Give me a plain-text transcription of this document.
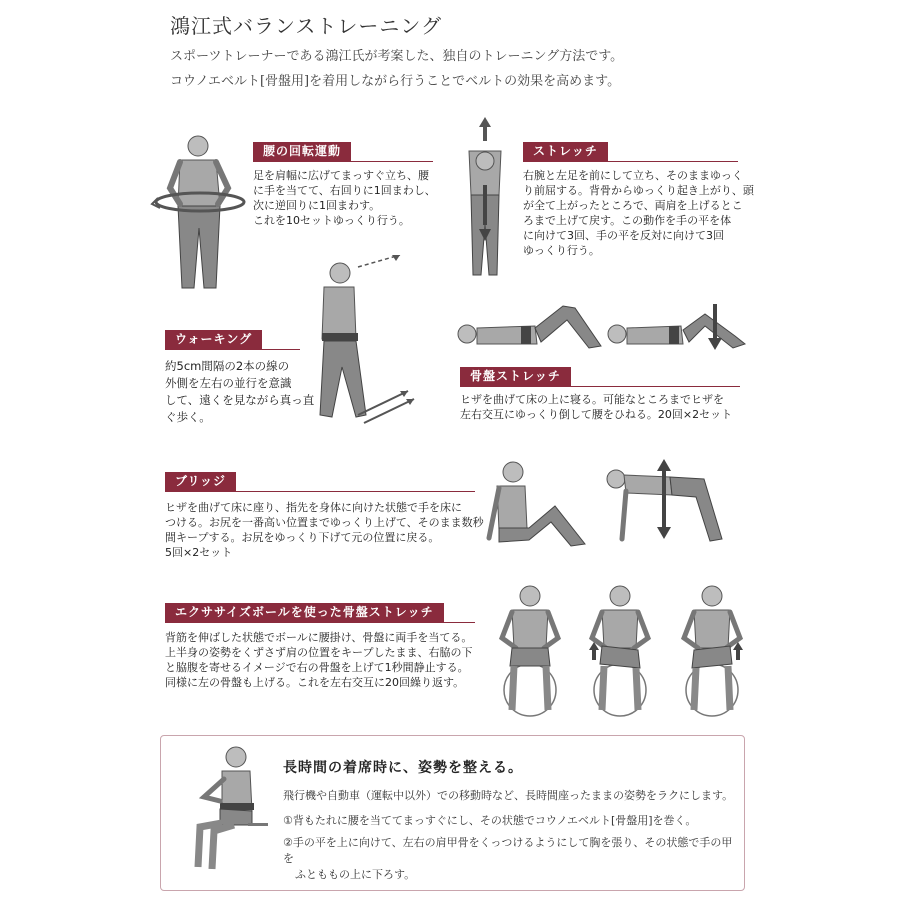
鴻江式バランストレーニング
スポーツトレーナーである鴻江氏が考案した、独自のトレーニング方法です。
コウノエベルト[骨盤用]を着用しながら行うことでベルトの効果を高めます。
腰の回転運動
足を肩幅に広げてまっすぐ立ち、腰
に手を当てて、右回りに1回まわし、
次に逆回りに1回まわす。
これを10セットゆっくり行う。
ストレッチ
右腕と左足を前にして立ち、そのままゆっく
り前屈する。背骨からゆっくり起き上がり、頭
が全て上がったところで、両肩を上げるとこ
ろまで上げて戻す。この動作を手の平を体
に向けて3回、手の平を反対に向けて3回
ゆっくり行う。
ウォーキング
約5cm間隔の2本の線の
外側を左右の並行を意識
して、遠くを見ながら真っ直
ぐ歩く。
骨盤ストレッチ
ヒザを曲げて床の上に寝る。可能なところまでヒザを
左右交互にゆっくり倒して腰をひねる。20回×2セット
ブリッジ
ヒザを曲げて床に座り、指先を身体に向けた状態で手を床に
つける。お尻を一番高い位置までゆっくり上げて、そのまま数秒
間キープする。お尻をゆっくり下げて元の位置に戻る。
5回×2セット
エクササイズボールを使った骨盤ストレッチ
背筋を伸ばした状態でボールに腰掛け、骨盤に両手を当てる。
上半身の姿勢をくずさず肩の位置をキープしたまま、右脇の下
と脇腹を寄せるイメージで右の骨盤を上げて1秒間静止する。
同様に左の骨盤も上げる。これを左右交互に20回繰り返す。
長時間の着席時に、姿勢を整える。
飛行機や自動車（運転中以外）での移動時など、長時間座ったままの姿勢をラクにします。
①背もたれに腰を当ててまっすぐにし、その状態でコウノエベルト[骨盤用]を巻く。
②手の平を上に向けて、左右の肩甲骨をくっつけるようにして胸を張り、その状態で手の甲を
ふとももの上に下ろす。
